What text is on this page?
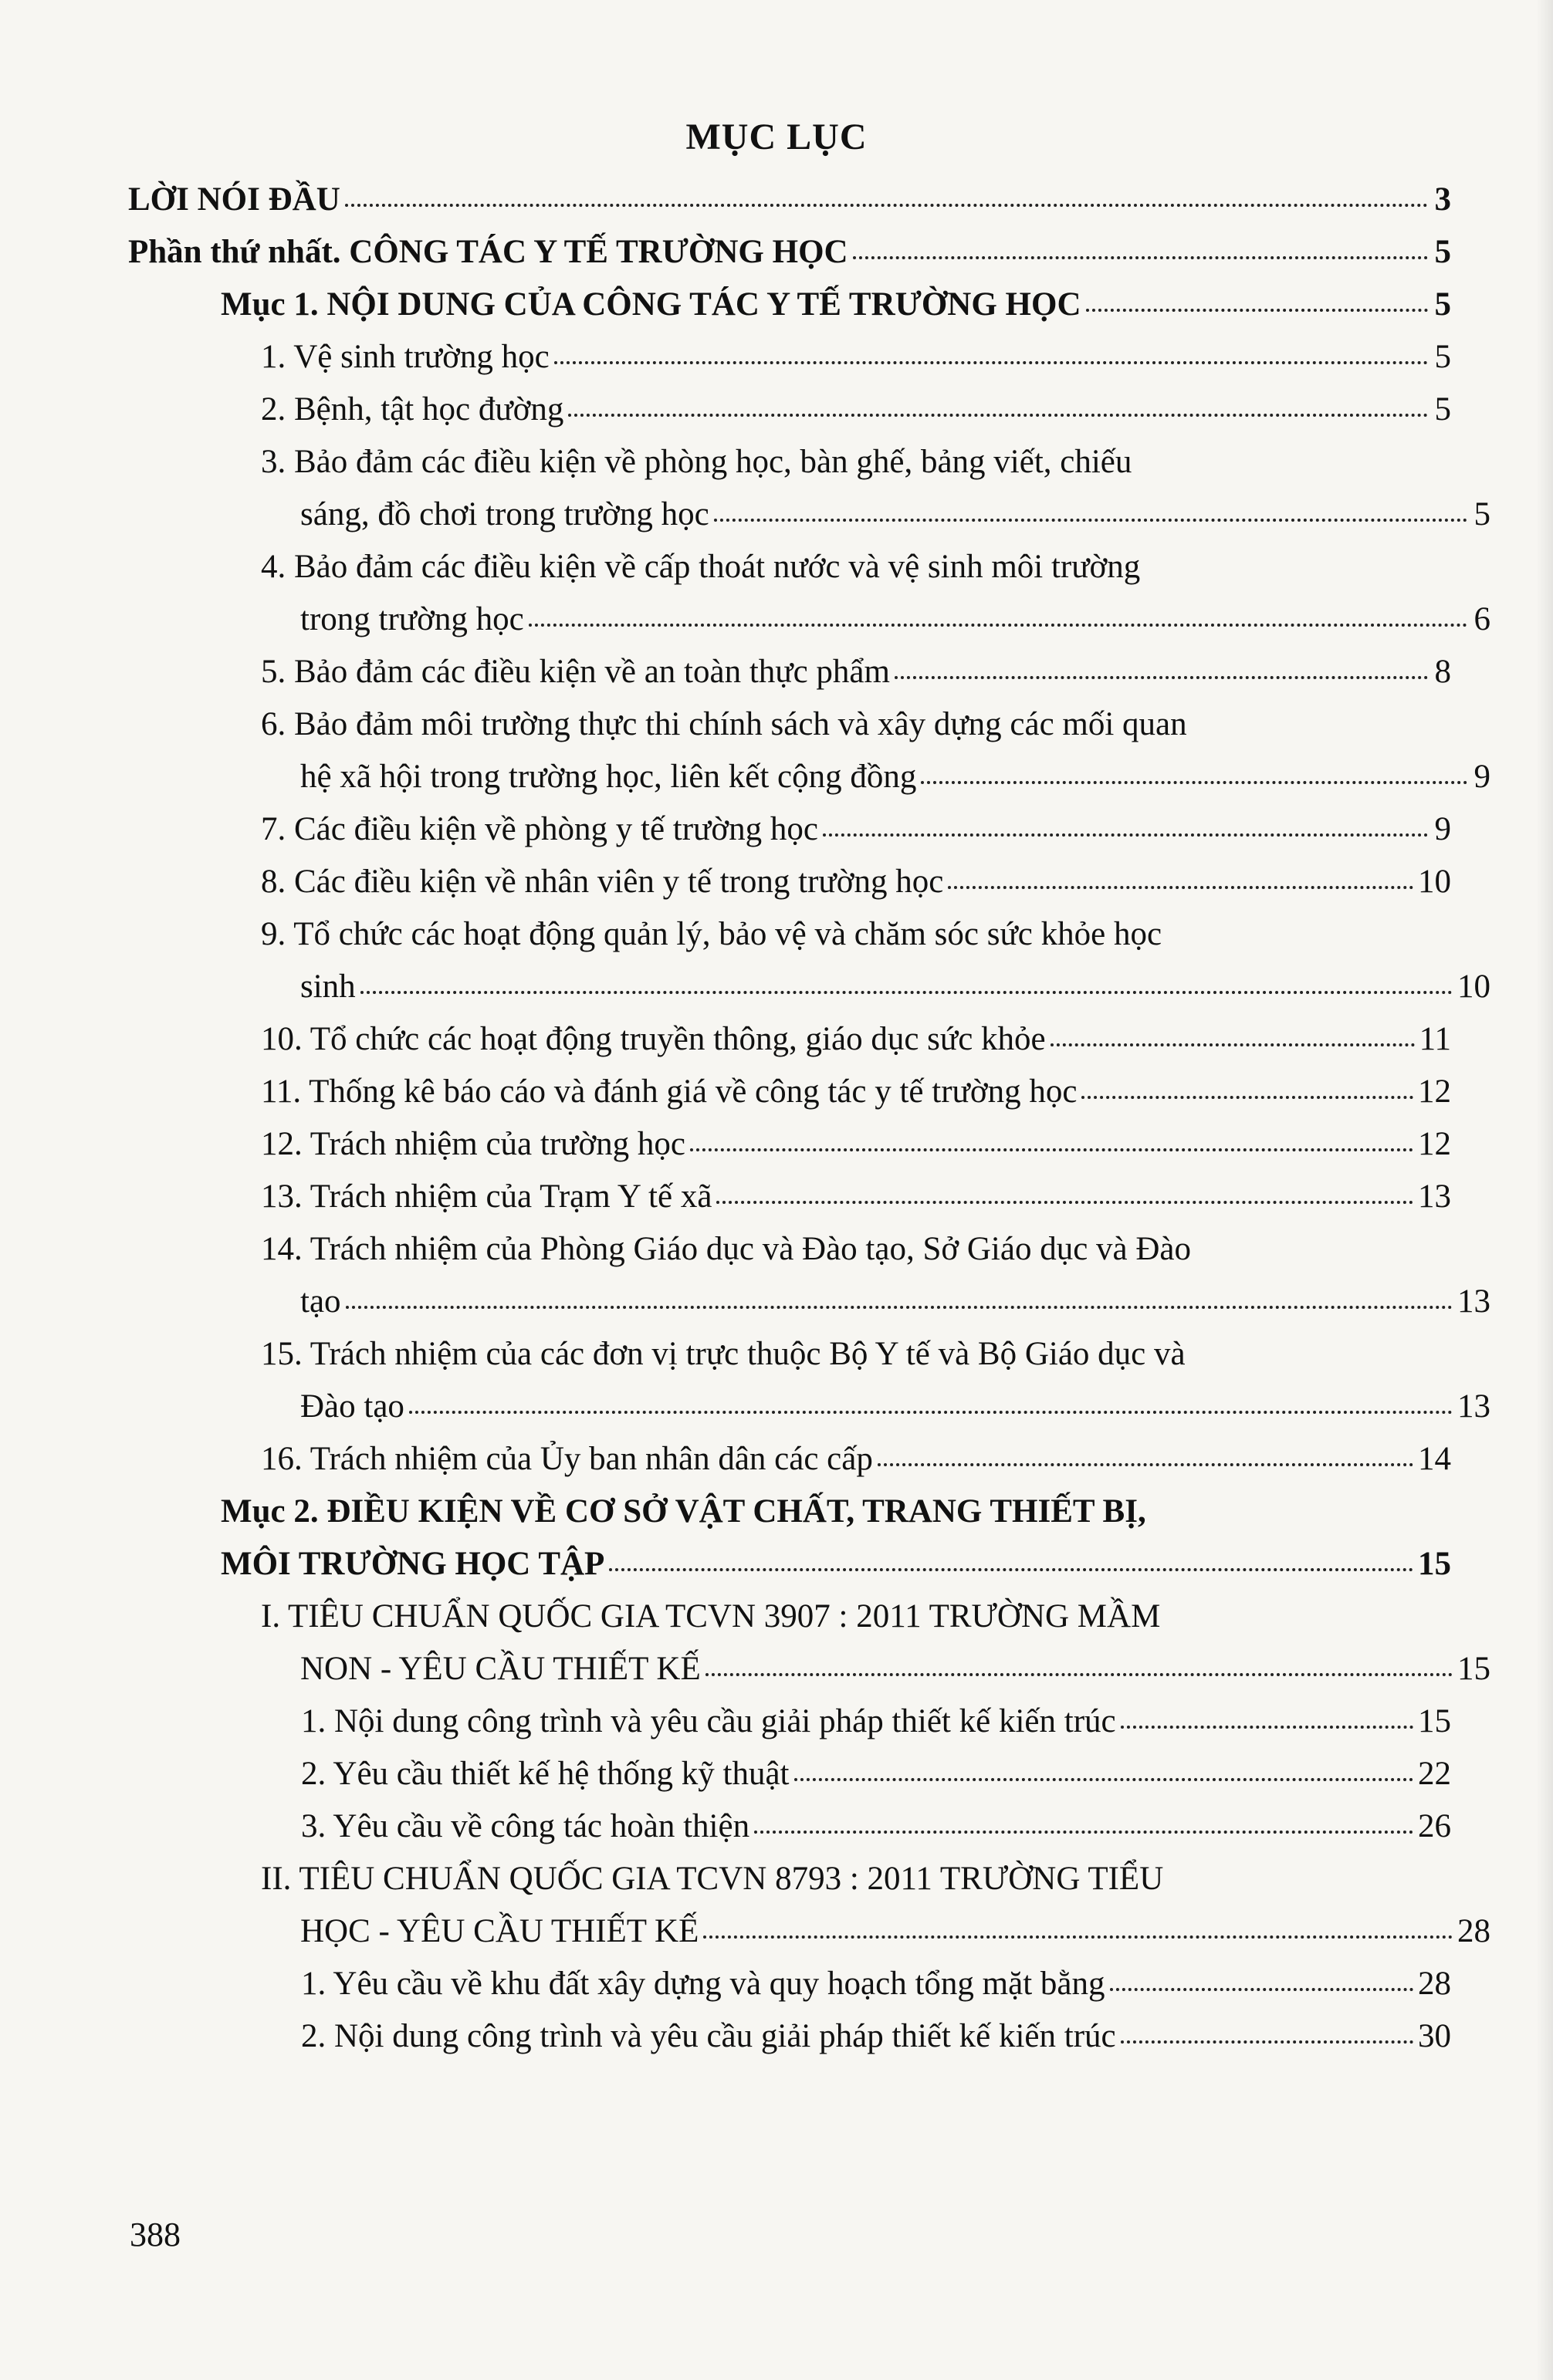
MỤC LỤC
LỜI NÓI ĐẦU	3
Phần thứ nhất. CÔNG TÁC Y TẾ TRƯỜNG HỌC	5
Mục 1. NỘI DUNG CỦA CÔNG TÁC Y TẾ TRƯỜNG HỌC	5
1. Vệ sinh trường học	5
2. Bệnh, tật học đường	5
3. Bảo đảm các điều kiện về phòng học, bàn ghế, bảng viết, chiếu
sáng, đồ chơi trong trường học	5
4. Bảo đảm các điều kiện về cấp thoát nước và vệ sinh môi trường
trong trường học	6
5. Bảo đảm các điều kiện về an toàn thực phẩm	8
6. Bảo đảm môi trường thực thi chính sách và xây dựng các mối quan
hệ xã hội trong trường học, liên kết cộng đồng	9
7. Các điều kiện về phòng y tế trường học	9
8. Các điều kiện về nhân viên y tế trong trường học	10
9. Tổ chức các hoạt động quản lý, bảo vệ và chăm sóc sức khỏe học
sinh	10
10. Tổ chức các hoạt động truyền thông, giáo dục sức khỏe	11
11. Thống kê báo cáo và đánh giá về công tác y tế trường học	12
12. Trách nhiệm của trường học	12
13. Trách nhiệm của Trạm Y tế xã	13
14. Trách nhiệm của Phòng Giáo dục và Đào tạo, Sở Giáo dục và Đào
tạo	13
15. Trách nhiệm của các đơn vị trực thuộc Bộ Y tế và Bộ Giáo dục và
Đào tạo	13
16. Trách nhiệm của Ủy ban nhân dân các cấp	14
Mục 2. ĐIỀU KIỆN VỀ CƠ SỞ VẬT CHẤT, TRANG THIẾT BỊ,
MÔI TRƯỜNG HỌC TẬP	15
I. TIÊU CHUẨN QUỐC GIA TCVN 3907 : 2011 TRƯỜNG MẦM
NON - YÊU CẦU THIẾT KẾ	15
1. Nội dung công trình và yêu cầu giải pháp thiết kế kiến trúc	15
2. Yêu cầu thiết kế hệ thống kỹ thuật	22
3. Yêu cầu về công tác hoàn thiện	26
II. TIÊU CHUẨN QUỐC GIA TCVN 8793 : 2011 TRƯỜNG TIỂU
HỌC - YÊU CẦU THIẾT KẾ	28
1. Yêu cầu về khu đất xây dựng và quy hoạch tổng mặt bằng	28
2. Nội dung công trình và yêu cầu giải pháp thiết kế kiến trúc	30
388
